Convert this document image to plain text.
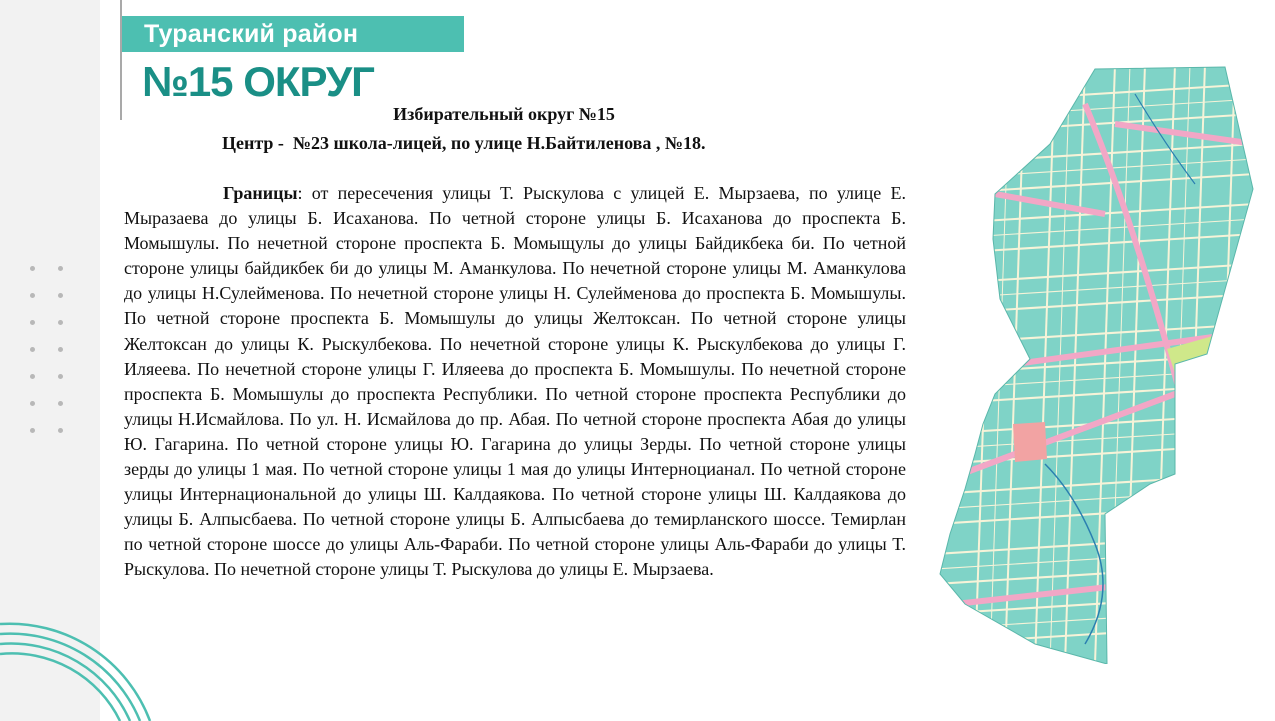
Туранский район
№15 ОКРУГ
Избирательный округ №15
Центр -  №23 школа-лицей, по улице Н.Байтиленова , №18.
Границы: от пересечения улицы Т. Рыскулова с улицей Е. Мырзаева, по улице Е. Мыразаева до улицы Б. Исаханова. По четной стороне улицы Б. Исаханова до проспекта Б. Момышулы. По нечетной стороне проспекта Б. Момыщулы до улицы Байдикбека би. По четной стороне улицы байдикбек би до улицы М. Аманкулова. По нечетной стороне улицы М. Аманкулова до улицы Н.Сулейменова. По нечетной стороне улицы Н. Сулейменова до проспекта Б. Момышулы. По четной стороне проспекта Б. Момышулы до улицы Желтоксан. По четной стороне улицы Желтоксан до улицы К. Рыскулбекова. По нечетной стороне улицы К. Рыскулбекова до улицы Г. Иляеева. По нечетной стороне улицы Г. Иляеева до проспекта Б. Момышулы. По нечетной стороне проспекта Б. Момышулы до проспекта Республики. По четной стороне проспекта Республики до улицы Н.Исмайлова. По ул. Н. Исмайлова до пр. Абая. По четной стороне проспекта Абая до улицы Ю. Гагарина. По четной стороне улицы Ю. Гагарина до улицы Зерды. По четной стороне улицы зерды до улицы 1 мая. По четной стороне улицы 1 мая до улицы Интерноцианал. По четной стороне улицы Интернациональной до улицы Ш. Калдаякова. По четной стороне улицы Ш. Калдаякова до улицы Б. Алпысбаева. По четной стороне улицы Б. Алпысбаева до темирланского шоссе. Темирлан по четной стороне шоссе до улицы Аль-Фараби. По четной стороне улицы Аль-Фараби до улицы Т. Рыскулова. По нечетной стороне улицы Т. Рыскулова до улицы Е. Мырзаева.
